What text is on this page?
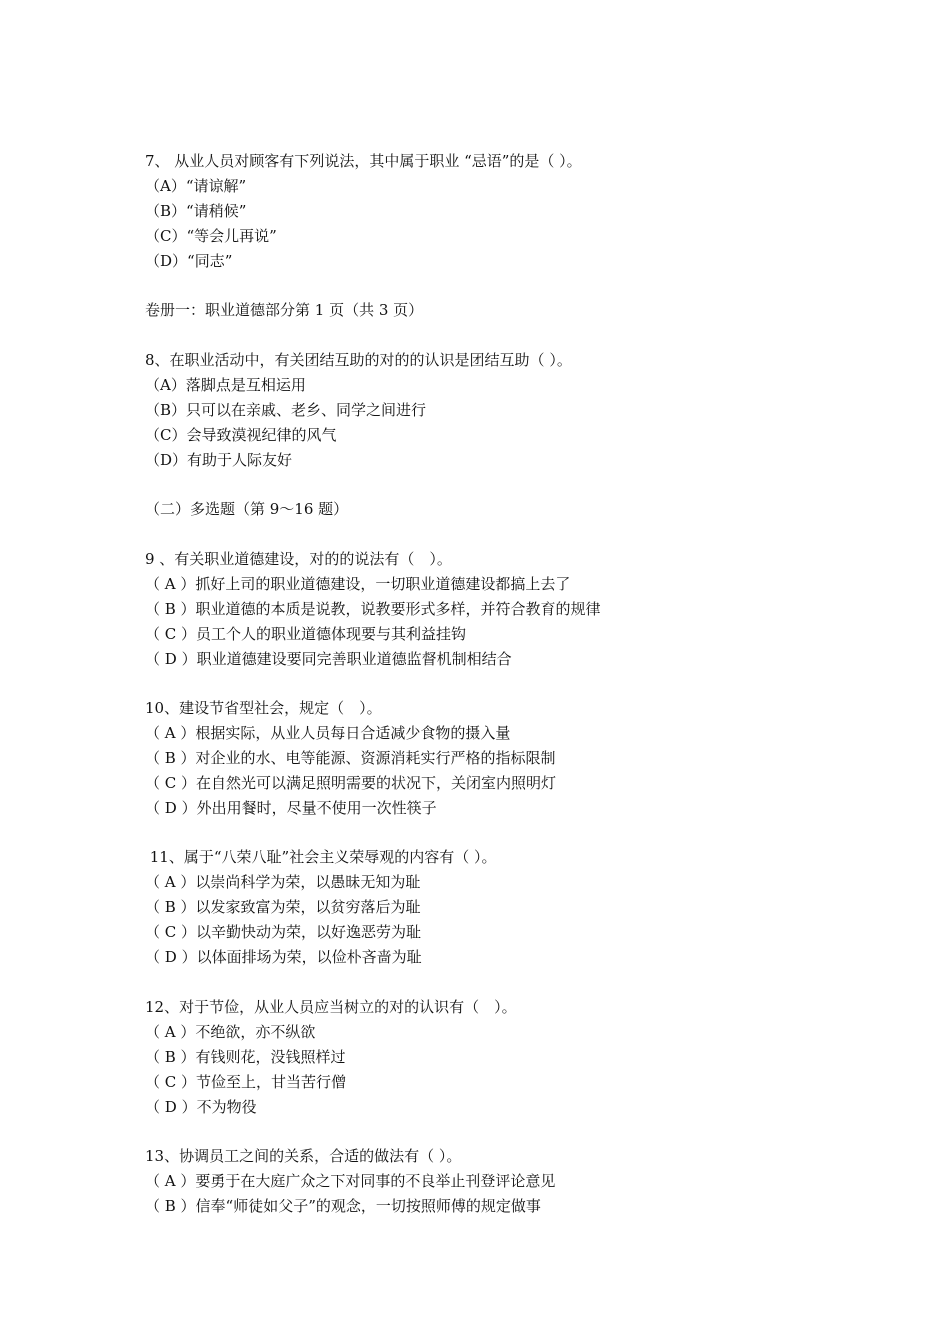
7、 从业人员对顾客有下列说法，其中属于职业 “忌语”的是（ ）。
（A）“请谅解”
（B）“请稍候”
（C）“等会儿再说”
（D）“同志”
卷册一：职业道德部分第 1 页（共 3 页）
8、在职业活动中，有关团结互助的对的的认识是团结互助（ ）。
（A）落脚点是互相运用
（B）只可以在亲戚、老乡、同学之间进行
（C）会导致漠视纪律的风气
（D）有助于人际友好
（二）多选题（第 9～16 题）
9 、有关职业道德建设，对的的说法有（　）。
（ A ）抓好上司的职业道德建设，一切职业道德建设都搞上去了
（ B ）职业道德的本质是说教，说教要形式多样，并符合教育的规律
（ C ）员工个人的职业道德体现要与其利益挂钩
（ D ）职业道德建设要同完善职业道德监督机制相结合
10、建设节省型社会，规定（　）。
（ A ）根据实际，从业人员每日合适减少食物的摄入量
（ B ）对企业的水、电等能源、资源消耗实行严格的指标限制
（ C ）在自然光可以满足照明需要的状况下，关闭室内照明灯
（ D ）外出用餐时，尽量不使用一次性筷子
11、属于“八荣八耻”社会主义荣辱观的内容有（ ）。
（ A ）以崇尚科学为荣，以愚昧无知为耻
（ B ）以发家致富为荣，以贫穷落后为耻
（ C ）以辛勤快动为荣，以好逸恶劳为耻
（ D ）以体面排场为荣，以俭朴吝啬为耻
12、对于节俭，从业人员应当树立的对的认识有（　）。
（ A ）不绝欲，亦不纵欲
（ B ）有钱则花，没钱照样过
（ C ）节俭至上，甘当苦行僧
（ D ）不为物役
13、协调员工之间的关系，合适的做法有（ ）。
（ A ）要勇于在大庭广众之下对同事的不良举止刊登评论意见
（ B ）信奉“师徒如父子”的观念，一切按照师傅的规定做事
